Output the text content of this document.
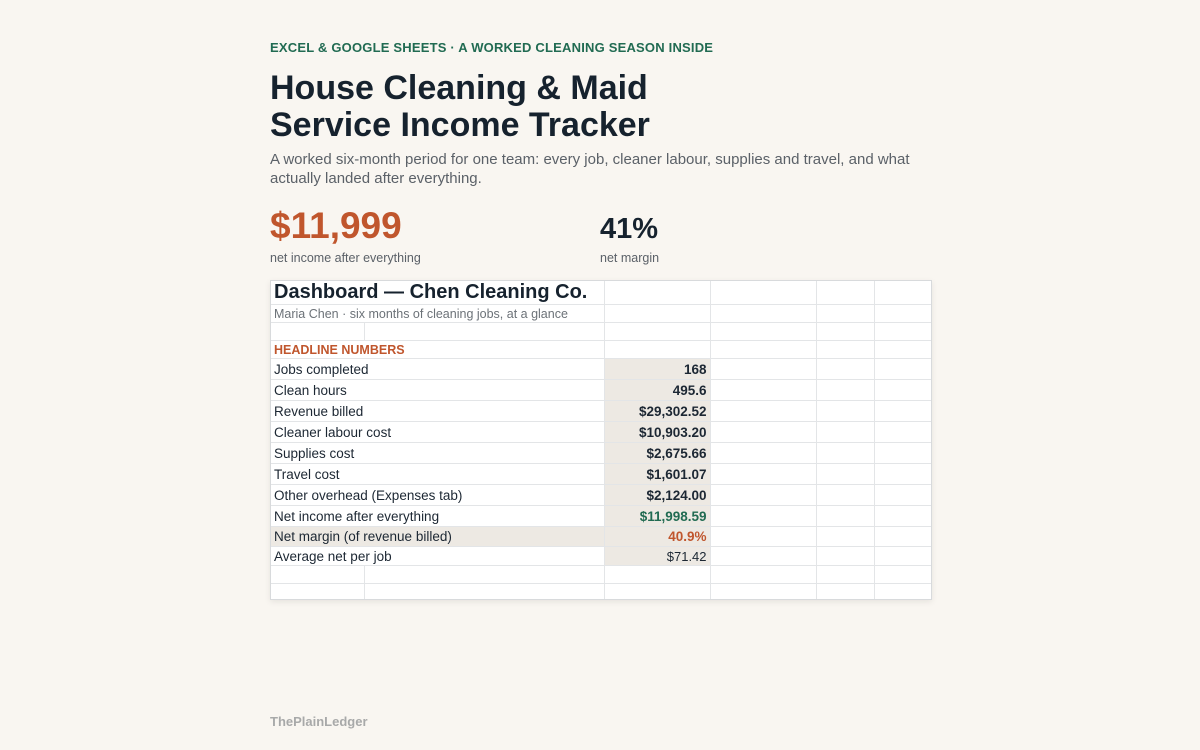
EXCEL & GOOGLE SHEETS · A WORKED CLEANING SEASON INSIDE
House Cleaning & Maid Service Income Tracker
A worked six-month period for one team: every job, cleaner labour, supplies and travel, and what actually landed after everything.
$11,999
net income after everything
41%
net margin
Dashboard — Chen Cleaning Co.					
Maria Chen · six months of cleaning jobs, at a glance					

HEADLINE NUMBERS					
Jobs completed		168			
Clean hours		495.6			
Revenue billed		$29,302.52			
Cleaner labour cost		$10,903.20			
Supplies cost		$2,675.66			
Travel cost		$1,601.07			
Other overhead (Expenses tab)		$2,124.00			
Net income after everything		$11,998.59			
Net margin (of revenue billed)		40.9%			
Average net per job		$71.42			

ThePlainLedger
